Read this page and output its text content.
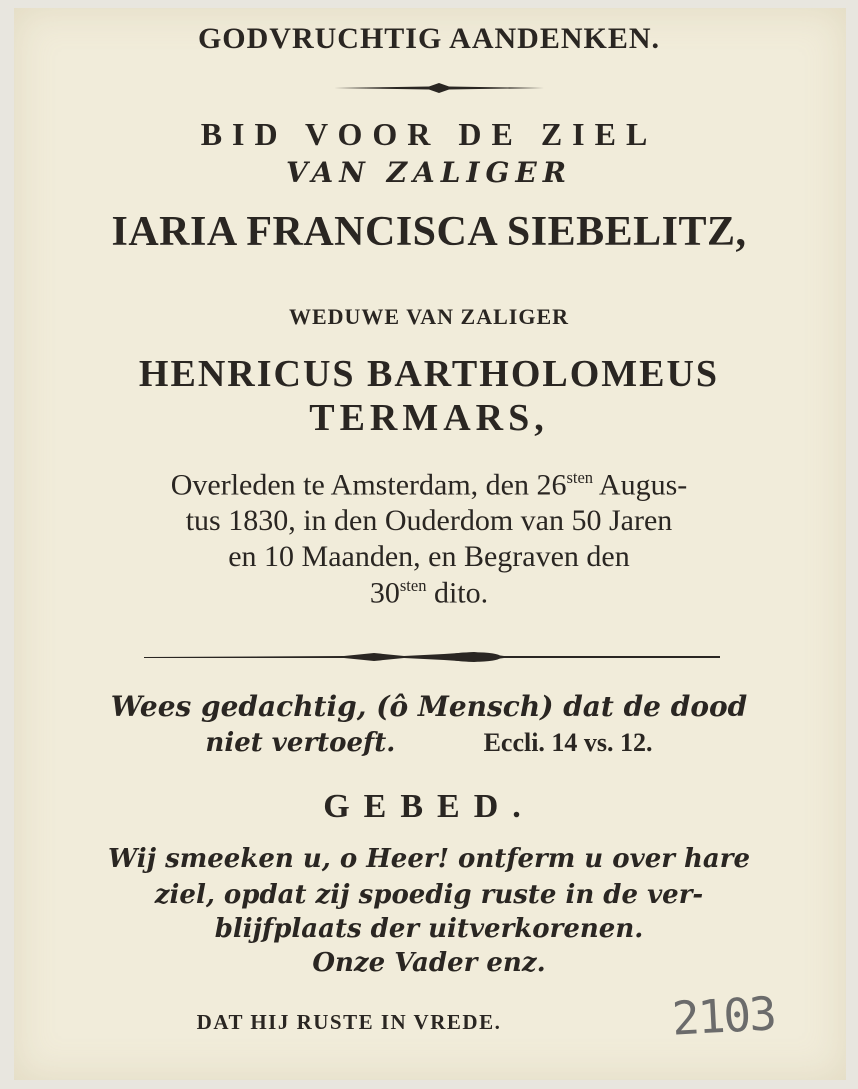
GODVRUCHTIG AANDENKEN.
BID VOOR DE ZIEL
VAN ZALIGER
IARIA FRANCISCA SIEBELITZ,
WEDUWE VAN ZALIGER
HENRICUS BARTHOLOMEUS
TERMARS,
Overleden te Amsterdam, den $26^{sten}$ Augus-
tus 1830, in den Ouderdom van 50 Jaren
en 10 Maanden, en Begraven den
$30^{sten}$ dito.
Wees gedachtig, (ô Mensch) dat de dood
niet vertoeft.	Eccli. 14 vs. 12.
GEBED.
Wij smeeken u, o Heer! ontferm u over hare
ziel, opdat zij spoedig ruste in de ver-
blijfplaats der uitverkorenen.
Onze Vader enz.
DAT HIJ RUSTE IN VREDE.	2103
